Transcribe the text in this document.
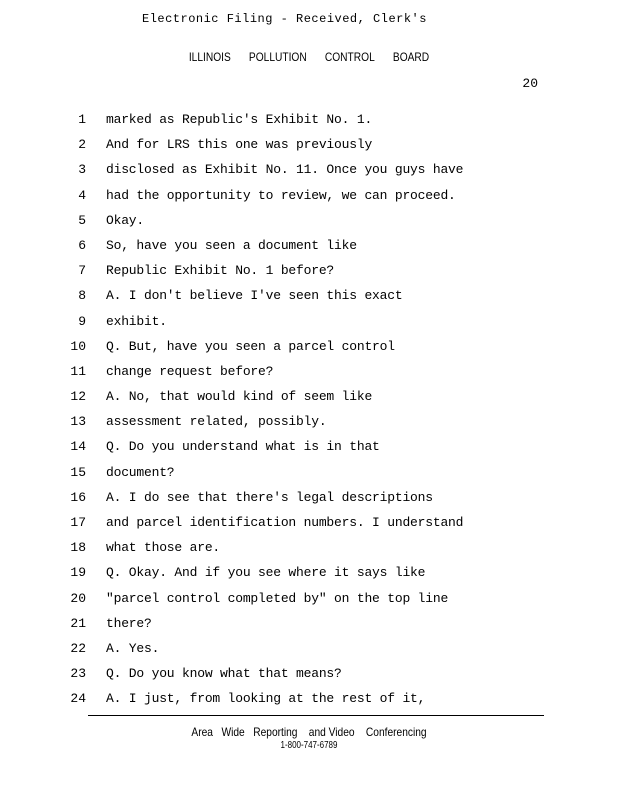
Electronic Filing - Received, Clerk's
ILLINOIS POLLUTION CONTROL BOARD
20
1 marked as Republic's Exhibit No. 1.
2 And for LRS this one was previously
3 disclosed as Exhibit No. 11. Once you guys have
4 had the opportunity to review, we can proceed.
5 Okay.
6 So, have you seen a document like
7 Republic Exhibit No. 1 before?
8 A. I don't believe I've seen this exact
9 exhibit.
10 Q. But, have you seen a parcel control
11 change request before?
12 A. No, that would kind of seem like
13 assessment related, possibly.
14 Q. Do you understand what is in that
15 document?
16 A. I do see that there's legal descriptions
17 and parcel identification numbers. I understand
18 what those are.
19 Q. Okay. And if you see where it says like
20 "parcel control completed by" on the top line
21 there?
22 A. Yes.
23 Q. Do you know what that means?
24 A. I just, from looking at the rest of it,
Area Wide Reporting and Video Conferencing
1-800-747-6789
